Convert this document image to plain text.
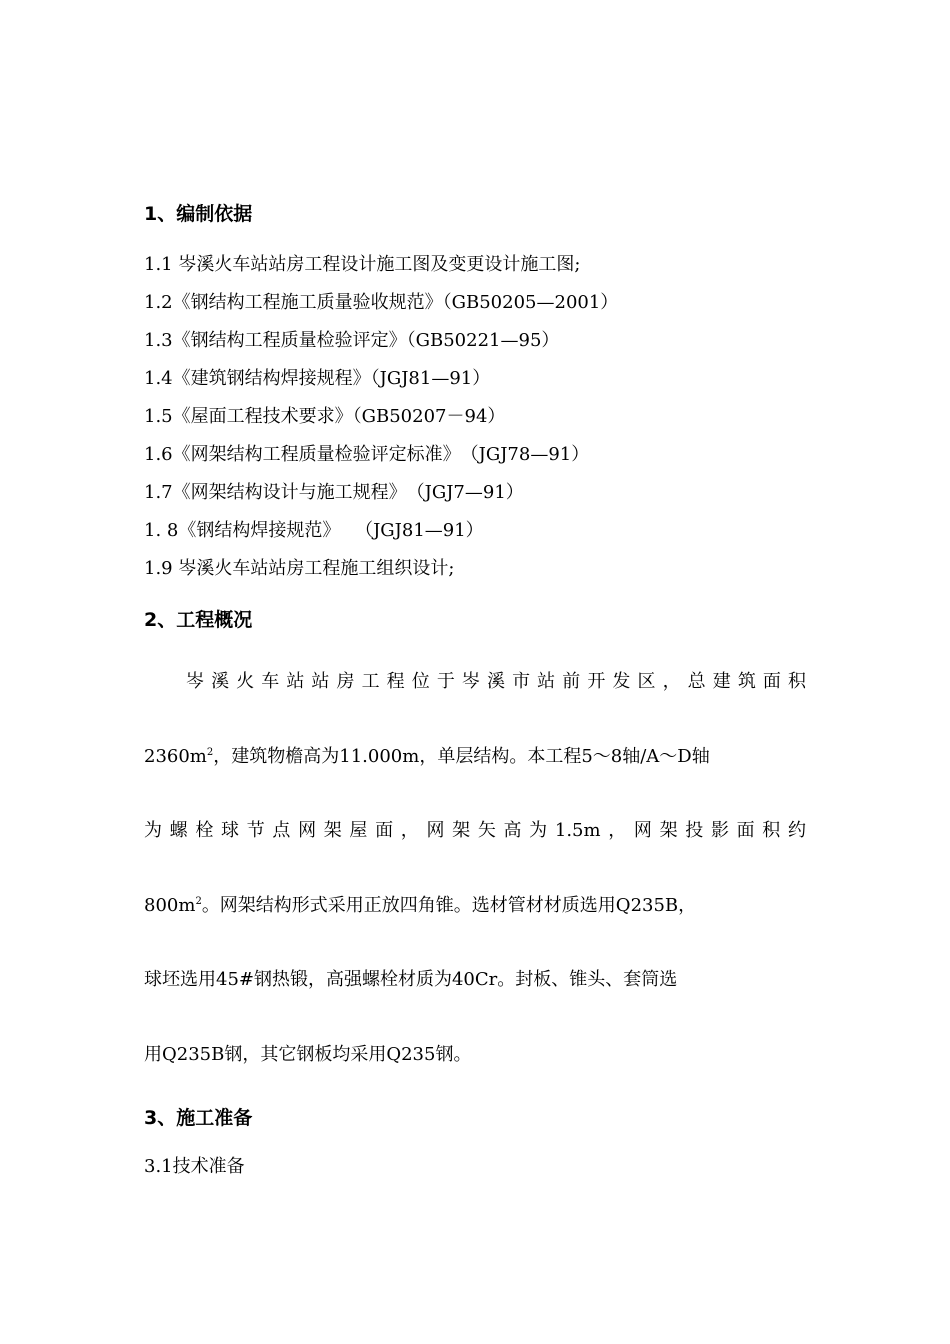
1、编制依据
1.1 岑溪火车站站房工程设计施工图及变更设计施工图;
1.2《钢结构工程施工质量验收规范》（GB50205—2001）
1.3《钢结构工程质量检验评定》（GB50221—95）
1.4《建筑钢结构焊接规程》（JGJ81—91）
1.5《屋面工程技术要求》（GB50207－94）
1.6《网架结构工程质量检验评定标准》　（JGJ78—91）
1.7《网架结构设计与施工规程》　（JGJ7—91）
1. 8《钢结构焊接规范》　 （JGJ81—91）
1.9 岑溪火车站站房工程施工组织设计;
2、工程概况
岑溪火车站站房工程位于岑溪市站前开发区，总建筑面积
$2360m^2$，建筑物檐高为11.000m，单层结构。本工程5～8轴/A～D轴
为螺栓球节点网架屋面，网架矢高为1.5m，网架投影面积约
$800m^2$。网架结构形式采用正放四角锥。选材管材材质选用Q235B，
球坯选用45#钢热锻，高强螺栓材质为40Cr。封板、锥头、套筒选
用Q235B钢，其它钢板均采用Q235钢。
3、施工准备
3.1技术准备
